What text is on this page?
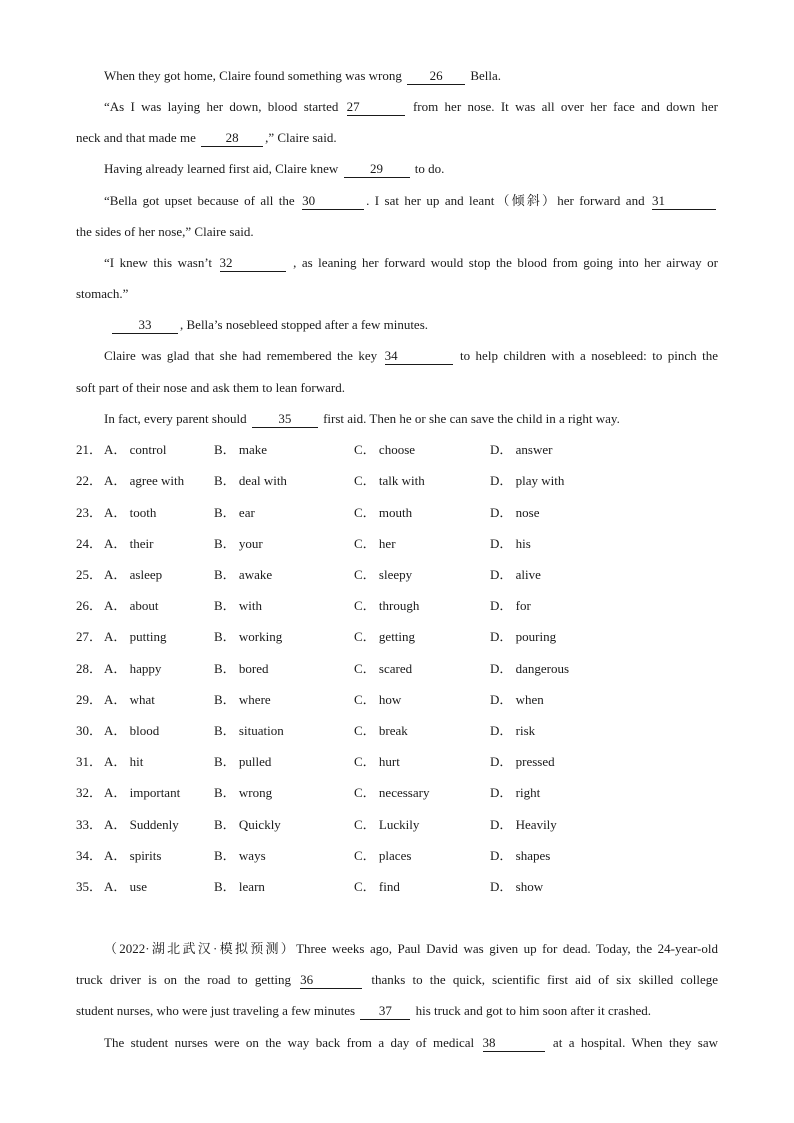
When they got home, Claire found something was wrong 26 Bella.
“As I was laying her down, blood started 27	from her nose. It was all over her face and down her
neck and that made me 28 ,” Claire said.
Having already learned first aid, Claire knew 29 to do.
“Bella got upset because of all the 30	. I sat her up and leant（倾斜）her forward and 31
the sides of her nose,” Claire said.
“I knew this wasn’t 32	, as leaning her forward would stop the blood from going into her airway or
stomach.”
33 , Bella’s nosebleed stopped after a few minutes.
Claire was glad that she had remembered the key 34	to help children with a nosebleed: to pinch the
soft part of their nose and ask them to lean forward.
In fact, every parent should 35 first aid. Then he or she can save the child in a right way.
21． A． control	B． make	C． choose	D． answer
22． A． agree with B． deal with	C． talk with	D． play with
23． A． tooth	B． ear	C． mouth	D． nose
24． A． their	B． your	C． her	D． his
25． A． asleep	B． awake	C． sleepy	D． alive
26． A． about	B． with	C． through	D． for
27． A． putting	B． working	C． getting	D． pouring
28． A． happy	B． bored	C． scared	D． dangerous
29． A． what	B． where	C． how	D． when
30． A． blood	B． situation	C． break	D． risk
31． A． hit	B． pulled	C． hurt	D． pressed
32． A． important	B． wrong	C． necessary	D． right
33． A． Suddenly	B． Quickly	C． Luckily	D． Heavily
34． A． spirits	B． ways	C． places	D． shapes
35． A． use	B． learn	C． find	D． show
（2022·湖北武汉·模拟预测）Three weeks ago, Paul David was given up for dead. Today, the 24-year-old
truck driver is on the road to getting 36	thanks to the quick, scientific first aid of six skilled college
student nurses, who were just traveling a few minutes 37 his truck and got to him soon after it crashed.
The student nurses were on the way back from a day of medical 38	at a hospital. When they saw
